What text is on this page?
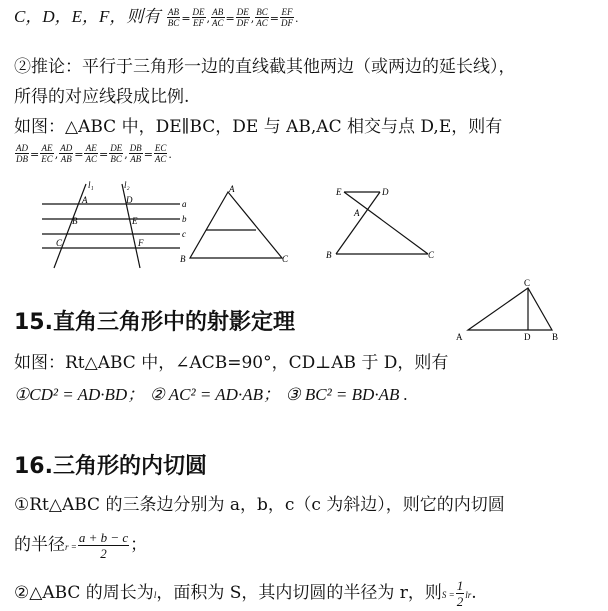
C，D，E，F，则有 $\frac{AB}{BC} = \frac{DE}{EF}$ , $\frac{AB}{AC} = \frac{DE}{DF}$ , $\frac{BC}{AC} = \frac{EF}{DF}$ .
②推论：平行于三角形一边的直线截其他两边（或两边的延长线），
所得的对应线段成比例.
如图：△ABC 中，DE∥BC，DE 与 AB,AC 相交与点 D,E，则有
$\frac{AD}{DB} = \frac{AE}{EC}$ , $\frac{AD}{AB} = \frac{AE}{AC} = \frac{DE}{BC}$ , $\frac{DB}{AB} = \frac{EC}{AC}$ .
l₁	l₂
A	D
B	E
C	F
a
b
c
A
B	C
E	D
A
B	C
15.直角三角形中的射影定理
C
A	D B
如图：Rt△ABC 中，∠ACB=90°，CD⊥AB 于 D，则有
①CD² = AD·BD； ② AC² = AD·AB； ③ BC² = BD·AB .
16.三角形的内切圆
①Rt△ABC 的三条边分别为 a，b，c（c 为斜边），则它的内切圆
的半径$r = \frac{a + b - c}{2}$ ；
②△ABC 的周长为l，面积为 S，其内切圆的半径为 r，则$S = \frac{1}{2}$ lr.
